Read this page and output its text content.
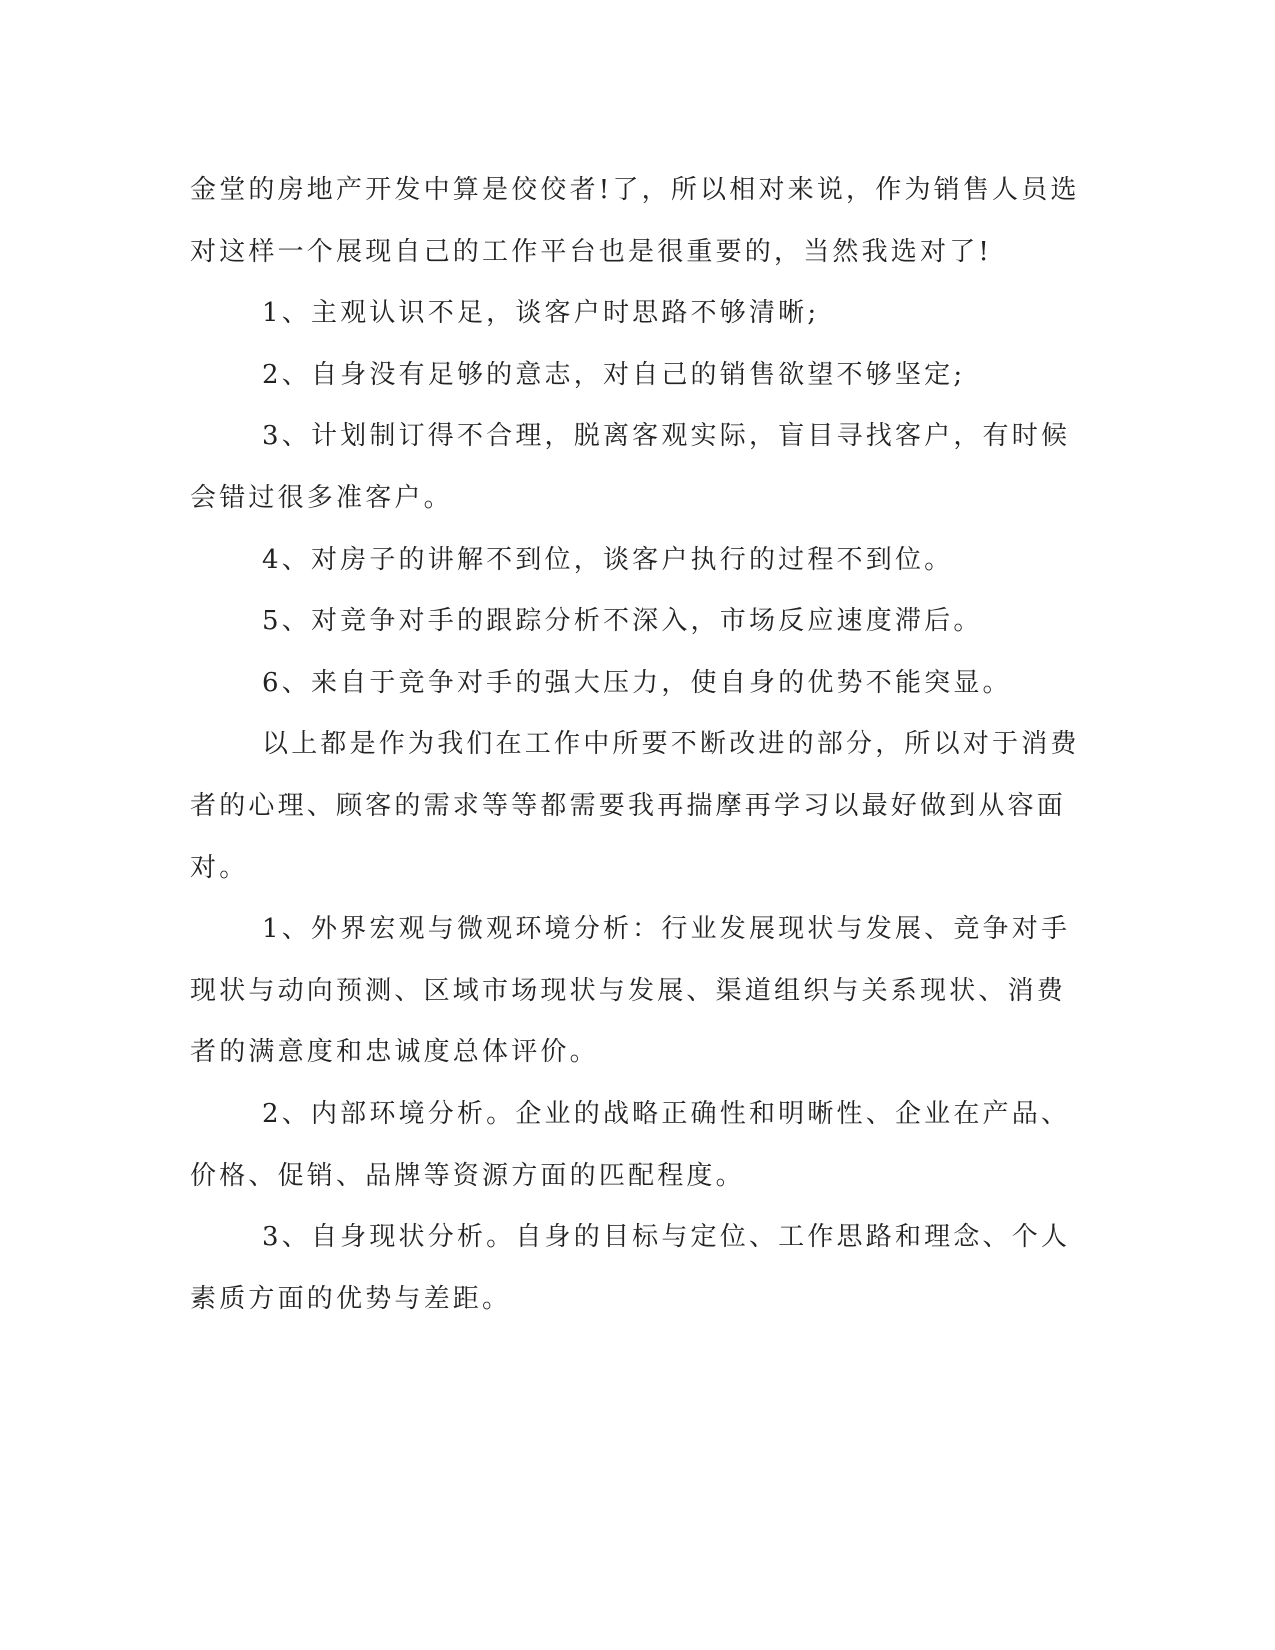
金堂的房地产开发中算是佼佼者!了，所以相对来说，作为销售人员选对这样一个展现自己的工作平台也是很重要的，当然我选对了!

1、主观认识不足，谈客户时思路不够清晰;

2、自身没有足够的意志，对自己的销售欲望不够坚定;

3、计划制订得不合理，脱离客观实际，盲目寻找客户，有时候会错过很多准客户。

4、对房子的讲解不到位，谈客户执行的过程不到位。

5、对竞争对手的跟踪分析不深入，市场反应速度滞后。

6、来自于竞争对手的强大压力，使自身的优势不能突显。

以上都是作为我们在工作中所要不断改进的部分，所以对于消费者的心理、顾客的需求等等都需要我再揣摩再学习以最好做到从容面对。

1、外界宏观与微观环境分析：行业发展现状与发展、竞争对手现状与动向预测、区域市场现状与发展、渠道组织与关系现状、消费者的满意度和忠诚度总体评价。

2、内部环境分析。企业的战略正确性和明晰性、企业在产品、价格、促销、品牌等资源方面的匹配程度。

3、自身现状分析。自身的目标与定位、工作思路和理念、个人素质方面的优势与差距。
